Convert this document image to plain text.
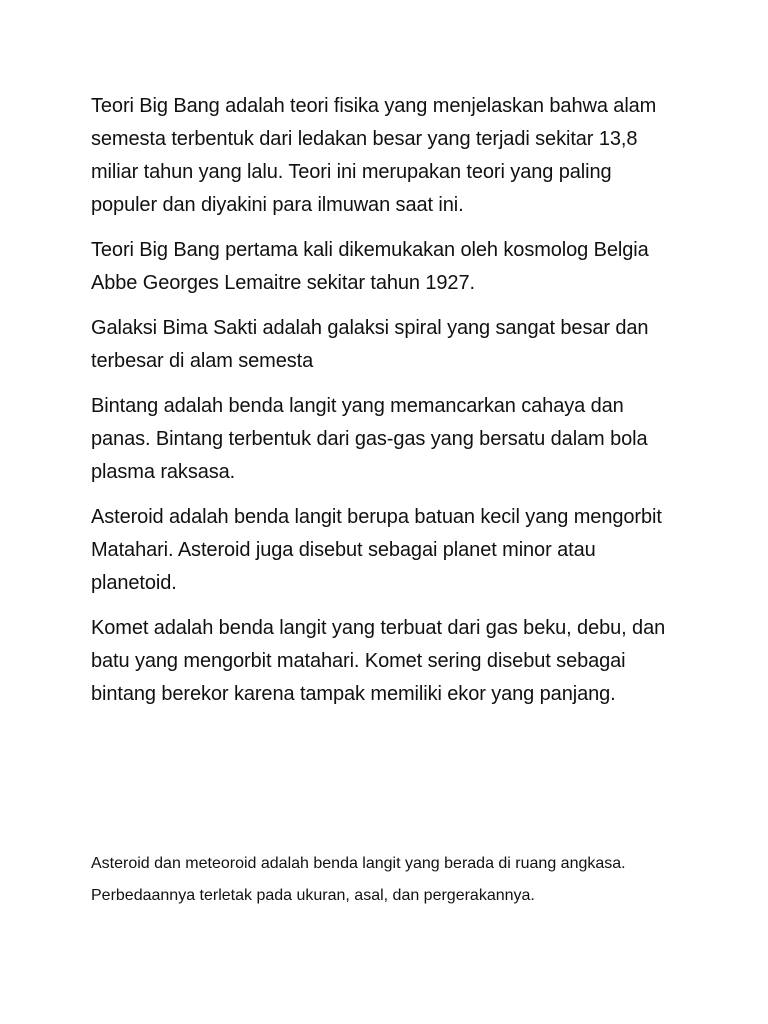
Teori Big Bang adalah teori fisika yang menjelaskan bahwa alam semesta terbentuk dari ledakan besar yang terjadi sekitar 13,8 miliar tahun yang lalu. Teori ini merupakan teori yang paling populer dan diyakini para ilmuwan saat ini.

Teori Big Bang pertama kali dikemukakan oleh kosmolog Belgia Abbe Georges Lemaitre sekitar tahun 1927.

Galaksi Bima Sakti adalah galaksi spiral yang sangat besar dan terbesar di alam semesta

Bintang adalah benda langit yang memancarkan cahaya dan panas. Bintang terbentuk dari gas-gas yang bersatu dalam bola plasma raksasa.

Asteroid adalah benda langit berupa batuan kecil yang mengorbit Matahari. Asteroid juga disebut sebagai planet minor atau planetoid.

Komet adalah benda langit yang terbuat dari gas beku, debu, dan batu yang mengorbit matahari. Komet sering disebut sebagai bintang berekor karena tampak memiliki ekor yang panjang.

Asteroid dan meteoroid adalah benda langit yang berada di ruang angkasa. Perbedaannya terletak pada ukuran, asal, dan pergerakannya.
